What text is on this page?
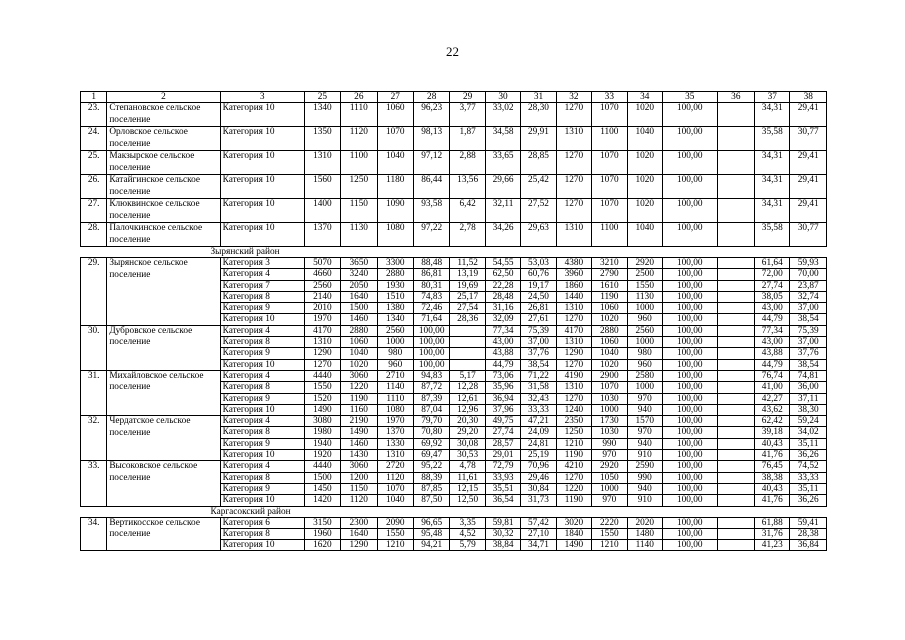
22
1	2	3	25	26	27	28	29	30	31	32	33	34	35	36	37	38
23.	Степановское сельское поселение	Категория 10	1340	1110	1060	96,23	3,77	33,02	28,30	1270	1070	1020	100,00		34,31	29,41
24.	Орловское сельское поселение	Категория 10	1350	1120	1070	98,13	1,87	34,58	29,91	1310	1100	1040	100,00		35,58	30,77
25.	Макзырское сельское поселение	Категория 10	1310	1100	1040	97,12	2,88	33,65	28,85	1270	1070	1020	100,00		34,31	29,41
26.	Катайгинское сельское поселение	Категория 10	1560	1250	1180	86,44	13,56	29,66	25,42	1270	1070	1020	100,00		34,31	29,41
27.	Клюквинское сельское поселение	Категория 10	1400	1150	1090	93,58	6,42	32,11	27,52	1270	1070	1020	100,00		34,31	29,41
28.	Палочкинское сельское поселение	Категория 10	1370	1130	1080	97,22	2,78	34,26	29,63	1310	1100	1040	100,00		35,58	30,77
Зырянский район																
29.	Зырянское сельское поселение	Категория 3	5070	3650	3300	88,48	11,52	54,55	53,03	4380	3210	2920	100,00		61,64	59,93
		Категория 4	4660	3240	2880	86,81	13,19	62,50	60,76	3960	2790	2500	100,00		72,00	70,00
		Категория 7	2560	2050	1930	80,31	19,69	22,28	19,17	1860	1610	1550	100,00		27,74	23,87
		Категория 8	2140	1640	1510	74,83	25,17	28,48	24,50	1440	1190	1130	100,00		38,05	32,74
		Категория 9	2010	1500	1380	72,46	27,54	31,16	26,81	1310	1060	1000	100,00		43,00	37,00
		Категория 10	1970	1460	1340	71,64	28,36	32,09	27,61	1270	1020	960	100,00		44,79	38,54
30.	Дубровское сельское поселение	Категория 4	4170	2880	2560	100,00		77,34	75,39	4170	2880	2560	100,00		77,34	75,39
		Категория 8	1310	1060	1000	100,00		43,00	37,00	1310	1060	1000	100,00		43,00	37,00
		Категория 9	1290	1040	980	100,00		43,88	37,76	1290	1040	980	100,00		43,88	37,76
		Категория 10	1270	1020	960	100,00		44,79	38,54	1270	1020	960	100,00		44,79	38,54
31.	Михайловское сельское поселение	Категория 4	4440	3060	2710	94,83	5,17	73,06	71,22	4190	2900	2580	100,00		76,74	74,81
		Категория 8	1550	1220	1140	87,72	12,28	35,96	31,58	1310	1070	1000	100,00		41,00	36,00
		Категория 9	1520	1190	1110	87,39	12,61	36,94	32,43	1270	1030	970	100,00		42,27	37,11
		Категория 10	1490	1160	1080	87,04	12,96	37,96	33,33	1240	1000	940	100,00		43,62	38,30
32.	Чердатское сельское поселение	Категория 4	3080	2190	1970	79,70	20,30	49,75	47,21	2350	1730	1570	100,00		62,42	59,24
		Категория 8	1980	1490	1370	70,80	29,20	27,74	24,09	1250	1030	970	100,00		39,18	34,02
		Категория 9	1940	1460	1330	69,92	30,08	28,57	24,81	1210	990	940	100,00		40,43	35,11
		Категория 10	1920	1430	1310	69,47	30,53	29,01	25,19	1190	970	910	100,00		41,76	36,26
33.	Высоковское сельское поселение	Категория 4	4440	3060	2720	95,22	4,78	72,79	70,96	4210	2920	2590	100,00		76,45	74,52
		Категория 8	1500	1200	1120	88,39	11,61	33,93	29,46	1270	1050	990	100,00		38,38	33,33
		Категория 9	1450	1150	1070	87,85	12,15	35,51	30,84	1220	1000	940	100,00		40,43	35,11
		Категория 10	1420	1120	1040	87,50	12,50	36,54	31,73	1190	970	910	100,00		41,76	36,26
Каргасокский район																
34.	Вертикосское сельское поселение	Категория 6	3150	2300	2090	96,65	3,35	59,81	57,42	3020	2220	2020	100,00		61,88	59,41
		Категория 8	1960	1640	1550	95,48	4,52	30,32	27,10	1840	1550	1480	100,00		31,76	28,38
		Категория 10	1620	1290	1210	94,21	5,79	38,84	34,71	1490	1210	1140	100,00		41,23	36,84
